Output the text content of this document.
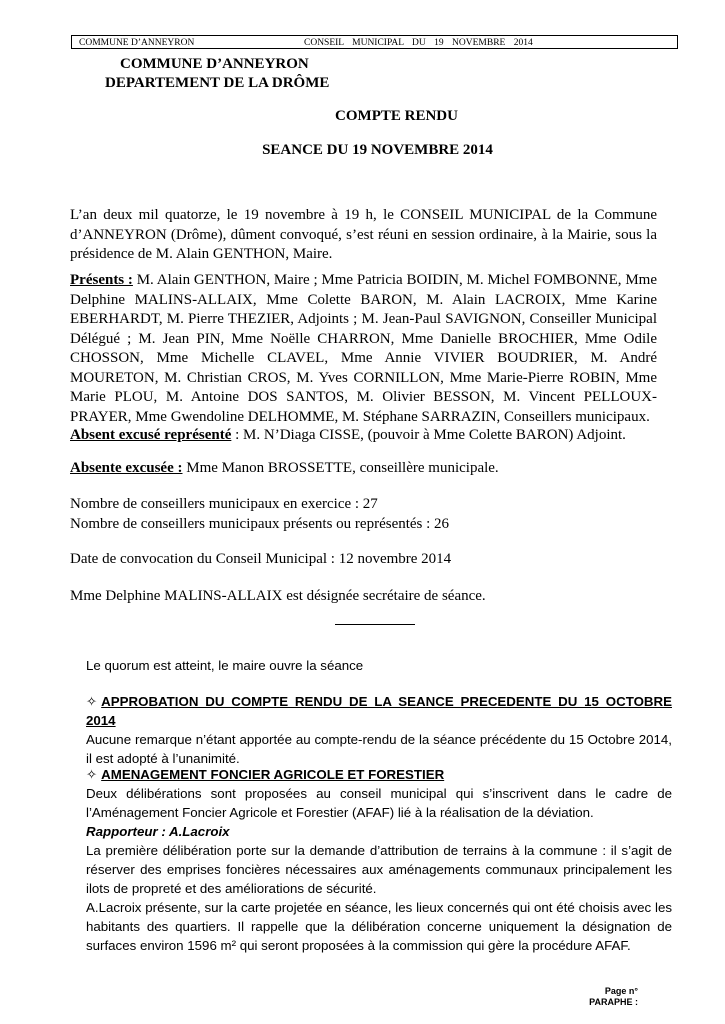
COMMUNE D’ANNEYRON	CONSEIL MUNICIPAL DU 19 NOVEMBRE 2014
COMMUNE D’ANNEYRON
DEPARTEMENT DE LA DRÔME
COMPTE RENDU
SEANCE DU 19 NOVEMBRE 2014
L’an deux mil quatorze, le 19 novembre à 19 h, le CONSEIL MUNICIPAL de la Commune d’ANNEYRON (Drôme), dûment convoqué, s’est réuni en session ordinaire, à la Mairie, sous la présidence de M. Alain GENTHON, Maire.
Présents : M. Alain GENTHON, Maire ; Mme Patricia BOIDIN, M. Michel FOMBONNE, Mme Delphine MALINS-ALLAIX, Mme Colette BARON, M. Alain LACROIX, Mme Karine EBERHARDT, M. Pierre THEZIER, Adjoints ; M. Jean-Paul SAVIGNON, Conseiller Municipal Délégué ; M. Jean PIN, Mme Noëlle CHARRON, Mme Danielle BROCHIER, Mme Odile CHOSSON, Mme Michelle CLAVEL, Mme Annie VIVIER BOUDRIER, M. André MOURETON, M. Christian CROS, M. Yves CORNILLON, Mme Marie-Pierre ROBIN, Mme Marie PLOU, M. Antoine DOS SANTOS, M. Olivier BESSON, M. Vincent PELLOUX-PRAYER, Mme Gwendoline DELHOMME, M. Stéphane SARRAZIN, Conseillers municipaux.
Absent excusé représenté : M. N’Diaga CISSE, (pouvoir à Mme Colette BARON) Adjoint.
Absente excusée : Mme Manon BROSSETTE, conseillère municipale.
Nombre de conseillers municipaux en exercice : 27
Nombre de conseillers municipaux présents ou représentés : 26
Date de convocation du Conseil Municipal : 12 novembre 2014
Mme Delphine MALINS-ALLAIX est désignée secrétaire de séance.
Le quorum est atteint, le maire ouvre la séance
✧ APPROBATION DU COMPTE RENDU DE LA SEANCE PRECEDENTE DU 15 OCTOBRE 2014
Aucune remarque n’étant apportée au compte-rendu de la séance précédente du 15 Octobre 2014, il est adopté à l’unanimité.
✧ AMENAGEMENT FONCIER AGRICOLE ET FORESTIER
Deux délibérations sont proposées au conseil municipal qui s’inscrivent dans le cadre de l’Aménagement Foncier Agricole et Forestier (AFAF) lié à la réalisation de la déviation.
Rapporteur : A.Lacroix
La première délibération porte sur la demande d’attribution de terrains à la commune : il s’agit de réserver des emprises foncières nécessaires aux aménagements communaux principalement les ilots de propreté et des améliorations de sécurité.
A.Lacroix présente, sur la carte projetée en séance, les lieux concernés qui ont été choisis avec les habitants des quartiers. Il rappelle que la délibération concerne uniquement la désignation de surfaces environ 1596 m² qui seront proposées à la commission qui gère la procédure AFAF.
Page n°
PARAPHE :
